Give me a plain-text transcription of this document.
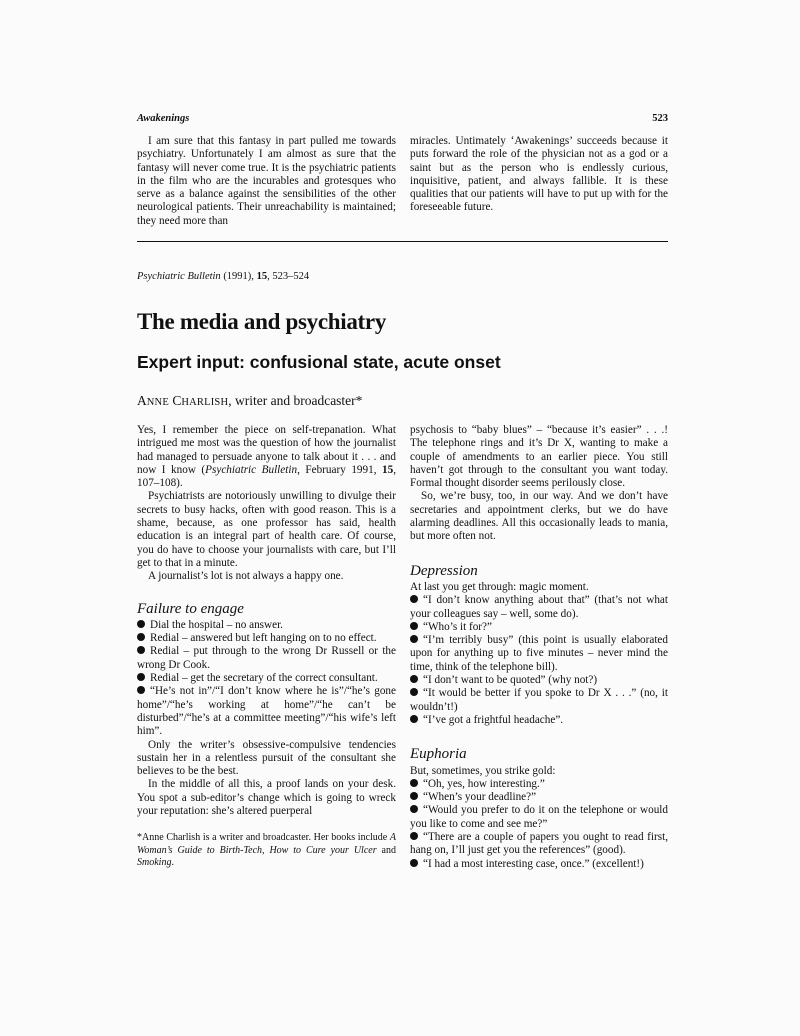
Awakenings	523

I am sure that this fantasy in part pulled me towards psychiatry. Unfortunately I am almost as sure that the fantasy will never come true. It is the psychiatric patients in the film who are the incurables and grotesques who serve as a balance against the sensibilities of the other neurological patients. Their unreachability is maintained; they need more than

miracles. Untimately ‘Awakenings’ succeeds because it puts forward the role of the physician not as a god or a saint but as the person who is endlessly curious, inquisitive, patient, and always fallible. It is these qualities that our patients will have to put up with for the foreseeable future.

Psychiatric Bulletin (1991), 15, 523–524
The media and psychiatry
Expert input: confusional state, acute onset
ANNE CHARLISH, writer and broadcaster*

Yes, I remember the piece on self-trepanation. What intrigued me most was the question of how the journalist had managed to persuade anyone to talk about it . . . and now I know (Psychiatric Bulletin, February 1991, 15, 107–108).

Psychiatrists are notoriously unwilling to divulge their secrets to busy hacks, often with good reason. This is a shame, because, as one professor has said, health education is an integral part of health care. Of course, you do have to choose your journalists with care, but I’ll get to that in a minute.

A journalist’s lot is not always a happy one.

Failure to engage

Dial the hospital – no answer.

Redial – answered but left hanging on to no effect.

Redial – put through to the wrong Dr Russell or the wrong Dr Cook.

Redial – get the secretary of the correct consultant.

“He’s not in”/“I don’t know where he is”/“he’s gone home”/“he’s working at home”/“he can’t be disturbed”/“he’s at a committee meeting”/“his wife’s left him”.

Only the writer’s obsessive-compulsive tendencies sustain her in a relentless pursuit of the consultant she believes to be the best.

In the middle of all this, a proof lands on your desk. You spot a sub-editor’s change which is going to wreck your reputation: she’s altered puerperal

*Anne Charlish is a writer and broadcaster. Her books include A Woman’s Guide to Birth-Tech, How to Cure your Ulcer and Smoking.

psychosis to “baby blues” – “because it’s easier” . . .! The telephone rings and it’s Dr X, wanting to make a couple of amendments to an earlier piece. You still haven’t got through to the consultant you want today. Formal thought disorder seems perilously close.

So, we’re busy, too, in our way. And we don’t have secretaries and appointment clerks, but we do have alarming deadlines. All this occasionally leads to mania, but more often not.

Depression

At last you get through: magic moment.

“I don’t know anything about that” (that’s not what your colleagues say – well, some do).

“Who’s it for?”

“I’m terribly busy” (this point is usually elaborated upon for anything up to five minutes – never mind the time, think of the telephone bill).

“I don’t want to be quoted” (why not?)

“It would be better if you spoke to Dr X . . .” (no, it wouldn’t!)

“I’ve got a frightful headache”.

Euphoria

But, sometimes, you strike gold:

“Oh, yes, how interesting.”

“When’s your deadline?”

“Would you prefer to do it on the telephone or would you like to come and see me?”

“There are a couple of papers you ought to read first, hang on, I’ll just get you the references” (good).

“I had a most interesting case, once.” (excellent!)
